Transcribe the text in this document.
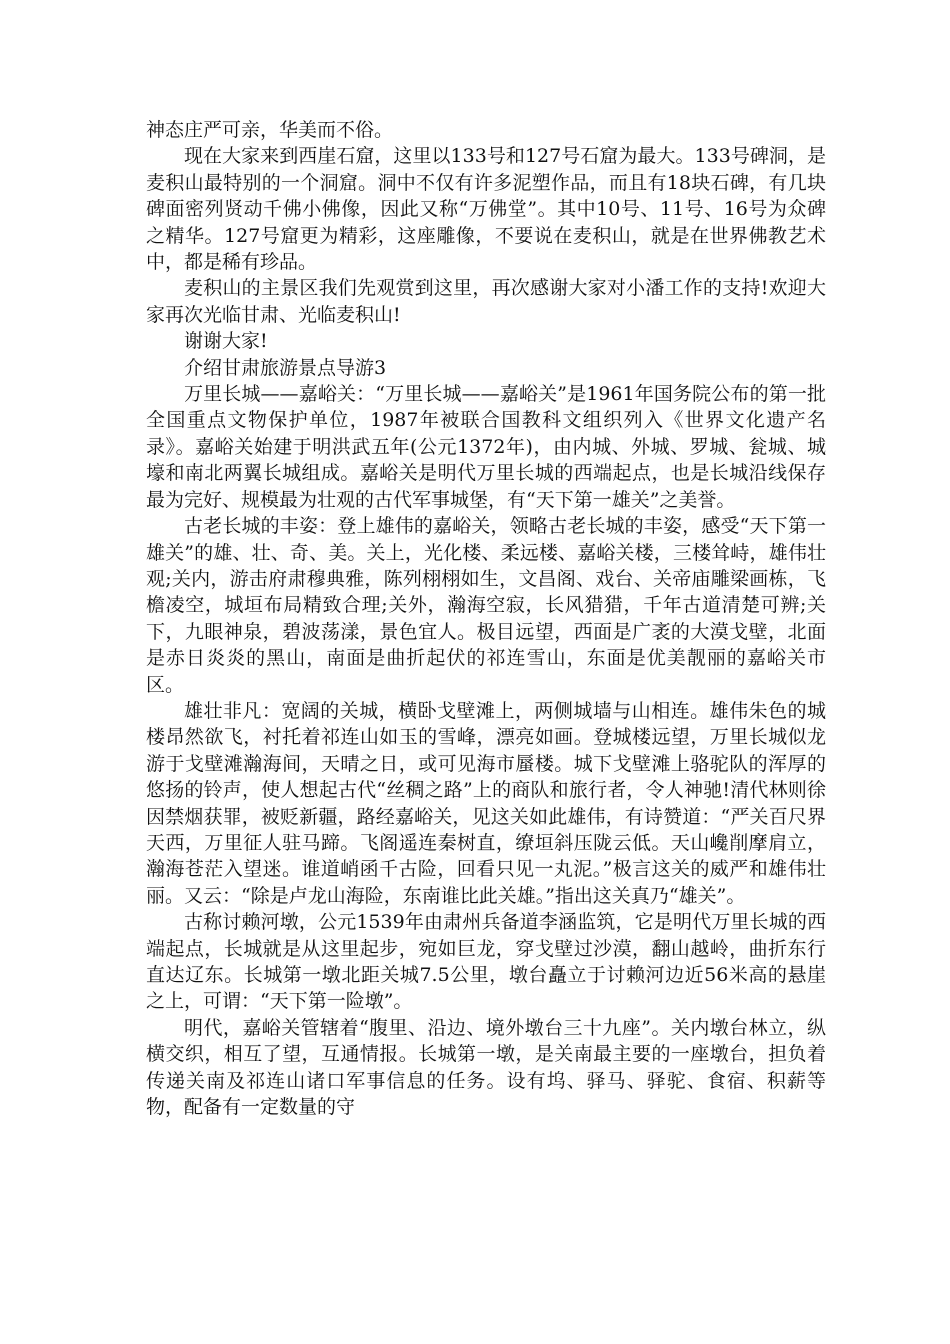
神态庄严可亲，华美而不俗。

现在大家来到西崖石窟，这里以133号和127号石窟为最大。133号碑洞，是麦积山最特别的一个洞窟。洞中不仅有许多泥塑作品，而且有18块石碑，有几块碑面密列贤动千佛小佛像，因此又称“万佛堂”。其中10号、11号、16号为众碑之精华。127号窟更为精彩，这座雕像，不要说在麦积山，就是在世界佛教艺术中，都是稀有珍品。

麦积山的主景区我们先观赏到这里，再次感谢大家对小潘工作的支持!欢迎大家再次光临甘肃、光临麦积山!

谢谢大家!

介绍甘肃旅游景点导游3

万里长城——嘉峪关：“万里长城——嘉峪关”是1961年国务院公布的第一批全国重点文物保护单位，1987年被联合国教科文组织列入《世界文化遗产名录》。嘉峪关始建于明洪武五年(公元1372年)，由内城、外城、罗城、瓮城、城壕和南北两翼长城组成。嘉峪关是明代万里长城的西端起点，也是长城沿线保存最为完好、规模最为壮观的古代军事城堡，有“天下第一雄关”之美誉。

古老长城的丰姿：登上雄伟的嘉峪关，领略古老长城的丰姿，感受“天下第一雄关”的雄、壮、奇、美。关上，光化楼、柔远楼、嘉峪关楼，三楼耸峙，雄伟壮观;关内，游击府肃穆典雅，陈列栩栩如生，文昌阁、戏台、关帝庙雕梁画栋，飞檐凌空，城垣布局精致合理;关外，瀚海空寂，长风猎猎，千年古道清楚可辨;关下，九眼神泉，碧波荡漾，景色宜人。极目远望，西面是广袤的大漠戈壁，北面是赤日炎炎的黑山，南面是曲折起伏的祁连雪山，东面是优美靓丽的嘉峪关市区。

雄壮非凡：宽阔的关城，横卧戈壁滩上，两侧城墙与山相连。雄伟朱色的城楼昂然欲飞，衬托着祁连山如玉的雪峰，漂亮如画。登城楼远望，万里长城似龙游于戈壁滩瀚海间，天晴之日，或可见海市蜃楼。城下戈壁滩上骆驼队的浑厚的悠扬的铃声，使人想起古代“丝稠之路”上的商队和旅行者，令人神驰!清代林则徐因禁烟获罪，被贬新疆，路经嘉峪关，见这关如此雄伟，有诗赞道：“严关百尺界天西，万里征人驻马蹄。飞阁遥连秦树直，缭垣斜压陇云低。天山巉削摩肩立，瀚海苍茫入望迷。谁道峭函千古险，回看只见一丸泥。”极言这关的威严和雄伟壮丽。又云：“除是卢龙山海险，东南谁比此关雄。”指出这关真乃“雄关”。

古称讨赖河墩，公元1539年由肃州兵备道李涵监筑，它是明代万里长城的西端起点，长城就是从这里起步，宛如巨龙，穿戈壁过沙漠，翻山越岭，曲折东行直达辽东。长城第一墩北距关城7.5公里，墩台矗立于讨赖河边近56米高的悬崖之上，可谓：“天下第一险墩”。

明代，嘉峪关管辖着“腹里、沿边、境外墩台三十九座”。关内墩台林立，纵横交织，相互了望，互通情报。长城第一墩，是关南最主要的一座墩台，担负着传递关南及祁连山诸口军事信息的任务。设有坞、驿马、驿驼、食宿、积薪等物，配备有一定数量的守
